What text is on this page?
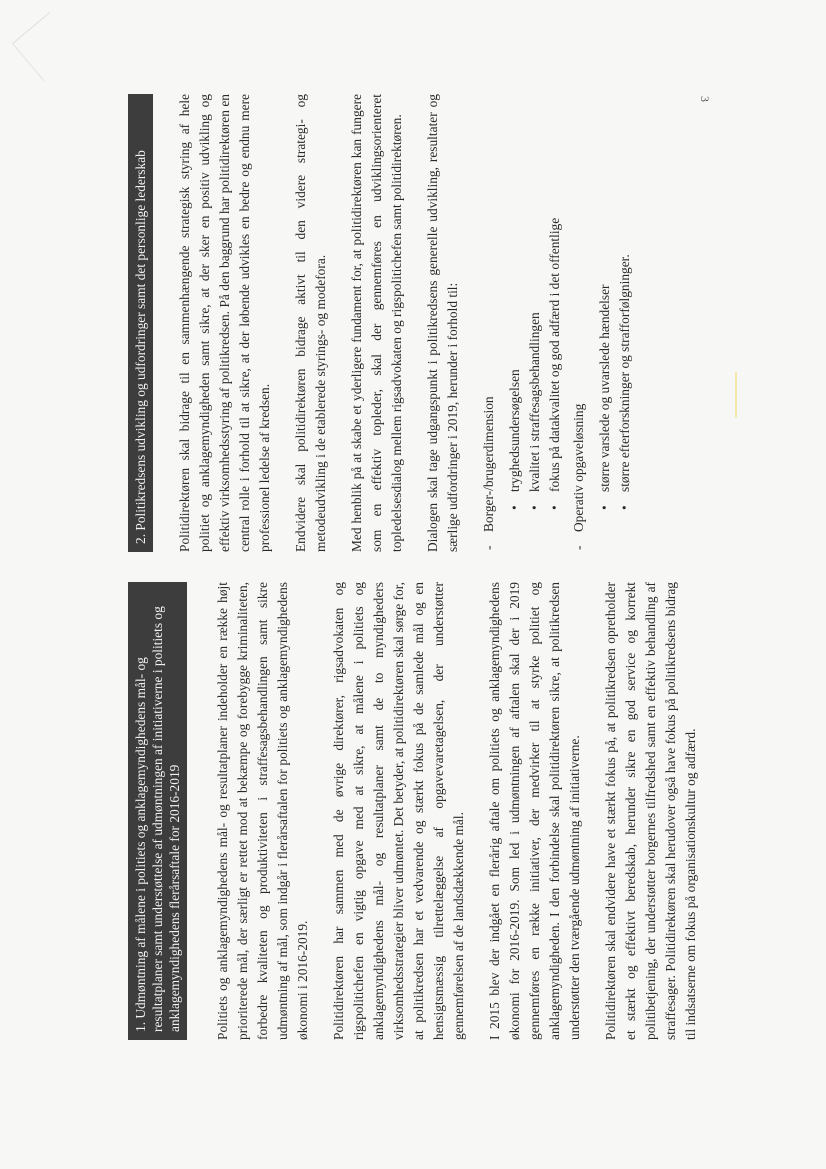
3
1. Udmøntning af målene i politiets og anklagemyndighedens mål- og resultatplaner samt understøttelse af udmøntningen af initiativerne i politiets og anklagemyndighedens flerårsaftale for 2016-2019	Politiets og anklagemyndighedens mål- og resultatplaner indeholder en række højt prioriterede mål, der særligt er rettet mod at bekæmpe og forebygge kriminaliteten, forbedre kvaliteten og produktiviteten i straffesagsbehandlingen samt sikre udmøntning af mål, som indgår i flerårsaftalen for politiets og anklagemyndighedens økonomi i 2016-2019. Politidirektøren har sammen med de øvrige direktører, rigsadvokaten og rigspolitichefen en vigtig opgave med at sikre, at målene i politiets og anklagemyndighedens mål- og resultatplaner samt de to myndigheders virksomhedsstrategier bliver udmøntet. Det betyder, at politidirektøren skal sørge for, at politikredsen har et vedvarende og stærkt fokus på de samlede mål og en hensigtsmæssig tilrettelæggelse af opgavevaretagelsen, der understøtter gennemførelsen af de landsdækkende mål. I 2015 blev der indgået en flerårig aftale om politiets og anklagemyndighedens økonomi for 2016-2019. Som led i udmøntningen af aftalen skal der i 2019 gennemføres en række initiativer, der medvirker til at styrke politiet og anklagemyndigheden. I den forbindelse skal politidirektøren sikre, at politikredsen understøtter den tværgående udmøntning af initiativerne. Politidirektøren skal endvidere have et stærkt fokus på, at politikredsen opretholder et stærkt og effektivt beredskab, herunder sikre en god service og korrekt politibetjening, der understøtter borgernes tilfredshed samt en effektiv behandling af straffesager. Politidirektøren skal herudover også have fokus på politikredsens bidrag til indsatserne om fokus på organisationskultur og adfærd.

2. Politikredsens udvikling og udfordringer samt det personlige lederskab	Politidirektøren skal bidrage til en sammenhængende strategisk styring af hele politiet og anklagemyndigheden samt sikre, at der sker en positiv udvikling og effektiv virksomhedsstyring af politikredsen. På den baggrund har politidirektøren en central rolle i forhold til at sikre, at der løbende udvikles en bedre og endnu mere professionel ledelse af kredsen. Endvidere skal politidirektøren bidrage aktivt til den videre strategi- og metodeudvikling i de etablerede styrings- og modefora. Med henblik på at skabe et yderligere fundament for, at politidirektøren kan fungere som en effektiv topleder, skal der gennemføres en udviklingsorienteret topledelsesdialog mellem rigsadvokaten og rigspolitichefen samt politidirektøren. Dialogen skal tage udgangspunkt i politikredsens generelle udvikling, resultater og særlige udfordringer i 2019, herunder i forhold til: - Borger-/brugerdimension • tryghedsundersøgelsen • kvalitet i straffesagsbehandlingen • fokus på datakvalitet og god adfærd i det offentlige - Operativ opgaveløsning • større varslede og uvarslede hændelser • større efterforskninger og strafforfølgninger.
